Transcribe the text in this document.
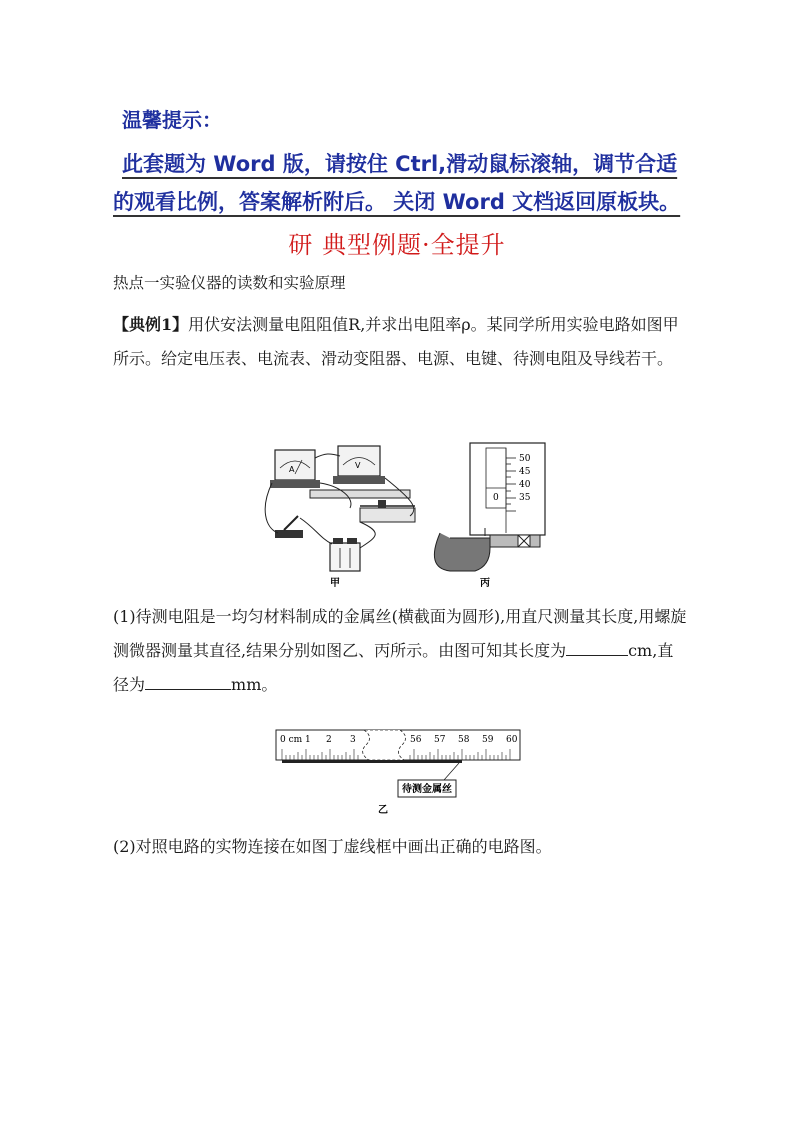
温馨提示：
此套题为 Word 版，请按住 Ctrl,滑动鼠标滚轴，调节合适的观看比例，答案解析附后。 关闭 Word 文档返回原板块。
研 典型例题·全提升
热点一实验仪器的读数和实验原理
【典例1】用伏安法测量电阻阻值R,并求出电阻率ρ。某同学所用实验电路如图甲所示。给定电压表、电流表、滑动变阻器、电源、电键、待测电阻及导线若干。
A	V
50
45
40
35
0
甲	丙
(1)待测电阻是一均匀材料制成的金属丝(横截面为圆形),用直尺测量其长度,用螺旋测微器测量其直径,结果分别如图乙、丙所示。由图可知其长度为	cm,直径为	mm。
0 cm 1 2 3	56 57 58 59 60
待测金属丝
乙
(2)对照电路的实物连接在如图丁虚线框中画出正确的电路图。
